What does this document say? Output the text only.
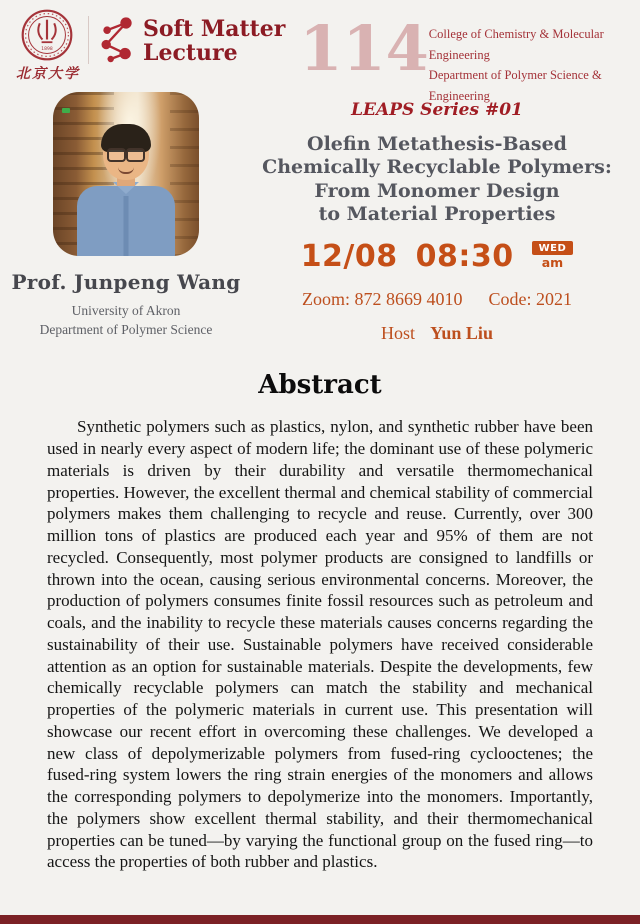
1898
北京大学
Soft Matter
Lecture 114 College of Chemistry & Molecular Engineering
Department of Polymer Science & Engineering
Prof. Junpeng Wang
University of Akron
Department of Polymer Science
LEAPS Series #01
Olefin Metathesis-Based
Chemically Recyclable Polymers:
From Monomer Design
to Material Properties
12/08 08:30	WED
am
Zoom: 872 8669 4010 Code: 2021
Host Yun Liu
Abstract

Synthetic polymers such as plastics, nylon, and synthetic rubber have been used in nearly every aspect of modern life; the dominant use of these polymeric materials is driven by their durability and versatile thermomechanical properties. However, the excellent thermal and chemical stability of commercial polymers makes them challenging to recycle and reuse. Currently, over 300 million tons of plastics are produced each year and 95% of them are not recycled. Consequently, most polymer products are consigned to landfills or thrown into the ocean, causing serious environmental concerns. Moreover, the production of polymers consumes finite fossil resources such as petroleum and coals, and the inability to recycle these materials causes concerns regarding the sustainability of their use. Sustainable polymers have received considerable attention as an option for sustainable materials. Despite the developments, few chemically recyclable polymers can match the stability and mechanical properties of the polymeric materials in current use. This presentation will showcase our recent effort in overcoming these challenges. We developed a new class of depolymerizable polymers from fused-ring cyclooctenes; the fused-ring system lowers the ring strain energies of the monomers and allows the corresponding polymers to depolymerize into the monomers. Importantly, the polymers show excellent thermal stability, and their thermomechanical properties can be tuned—by varying the functional group on the fused ring—to access the properties of both rubber and plastics.
